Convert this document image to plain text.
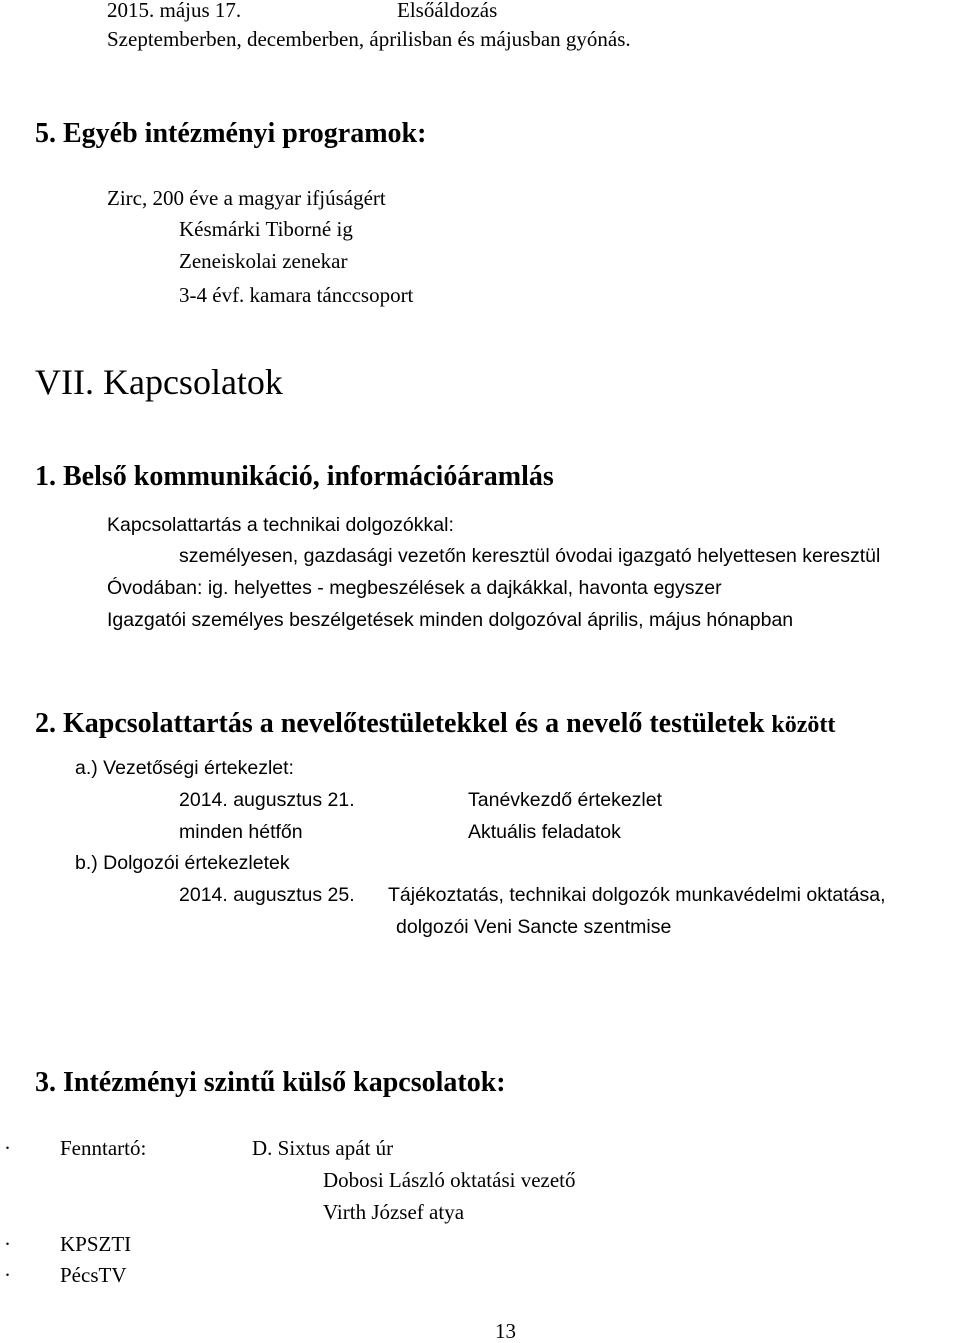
2015. május 17.	Elsőáldozás
Szeptemberben, decemberben, áprilisban és májusban gyónás.
5. Egyéb intézményi programok:
Zirc, 200 éve a magyar ifjúságért
Késmárki Tiborné ig
Zeneiskolai zenekar
3-4 évf. kamara tánccsoport
VII. Kapcsolatok
1. Belső kommunikáció, információáramlás
Kapcsolattartás a technikai dolgozókkal:
személyesen, gazdasági vezetőn keresztül óvodai igazgató helyettesen keresztül
Óvodában: ig. helyettes - megbeszélések a dajkákkal, havonta egyszer
Igazgatói személyes beszélgetések minden dolgozóval április, május hónapban
2. Kapcsolattartás a nevelőtestületekkel és a nevelő testületek között
a.) Vezetőségi értekezlet:
2014. augusztus 21.	Tanévkezdő értekezlet
minden hétfőn	Aktuális feladatok
b.) Dolgozói értekezletek
2014. augusztus 25. Tájékoztatás, technikai dolgozók munkavédelmi oktatása,
dolgozói Veni Sancte szentmise
3. Intézményi szintű külső kapcsolatok:
· Fenntartó:	D. Sixtus apát úr
Dobosi László oktatási vezető
Virth József atya
· KPSZTI
· PécsTV
13
